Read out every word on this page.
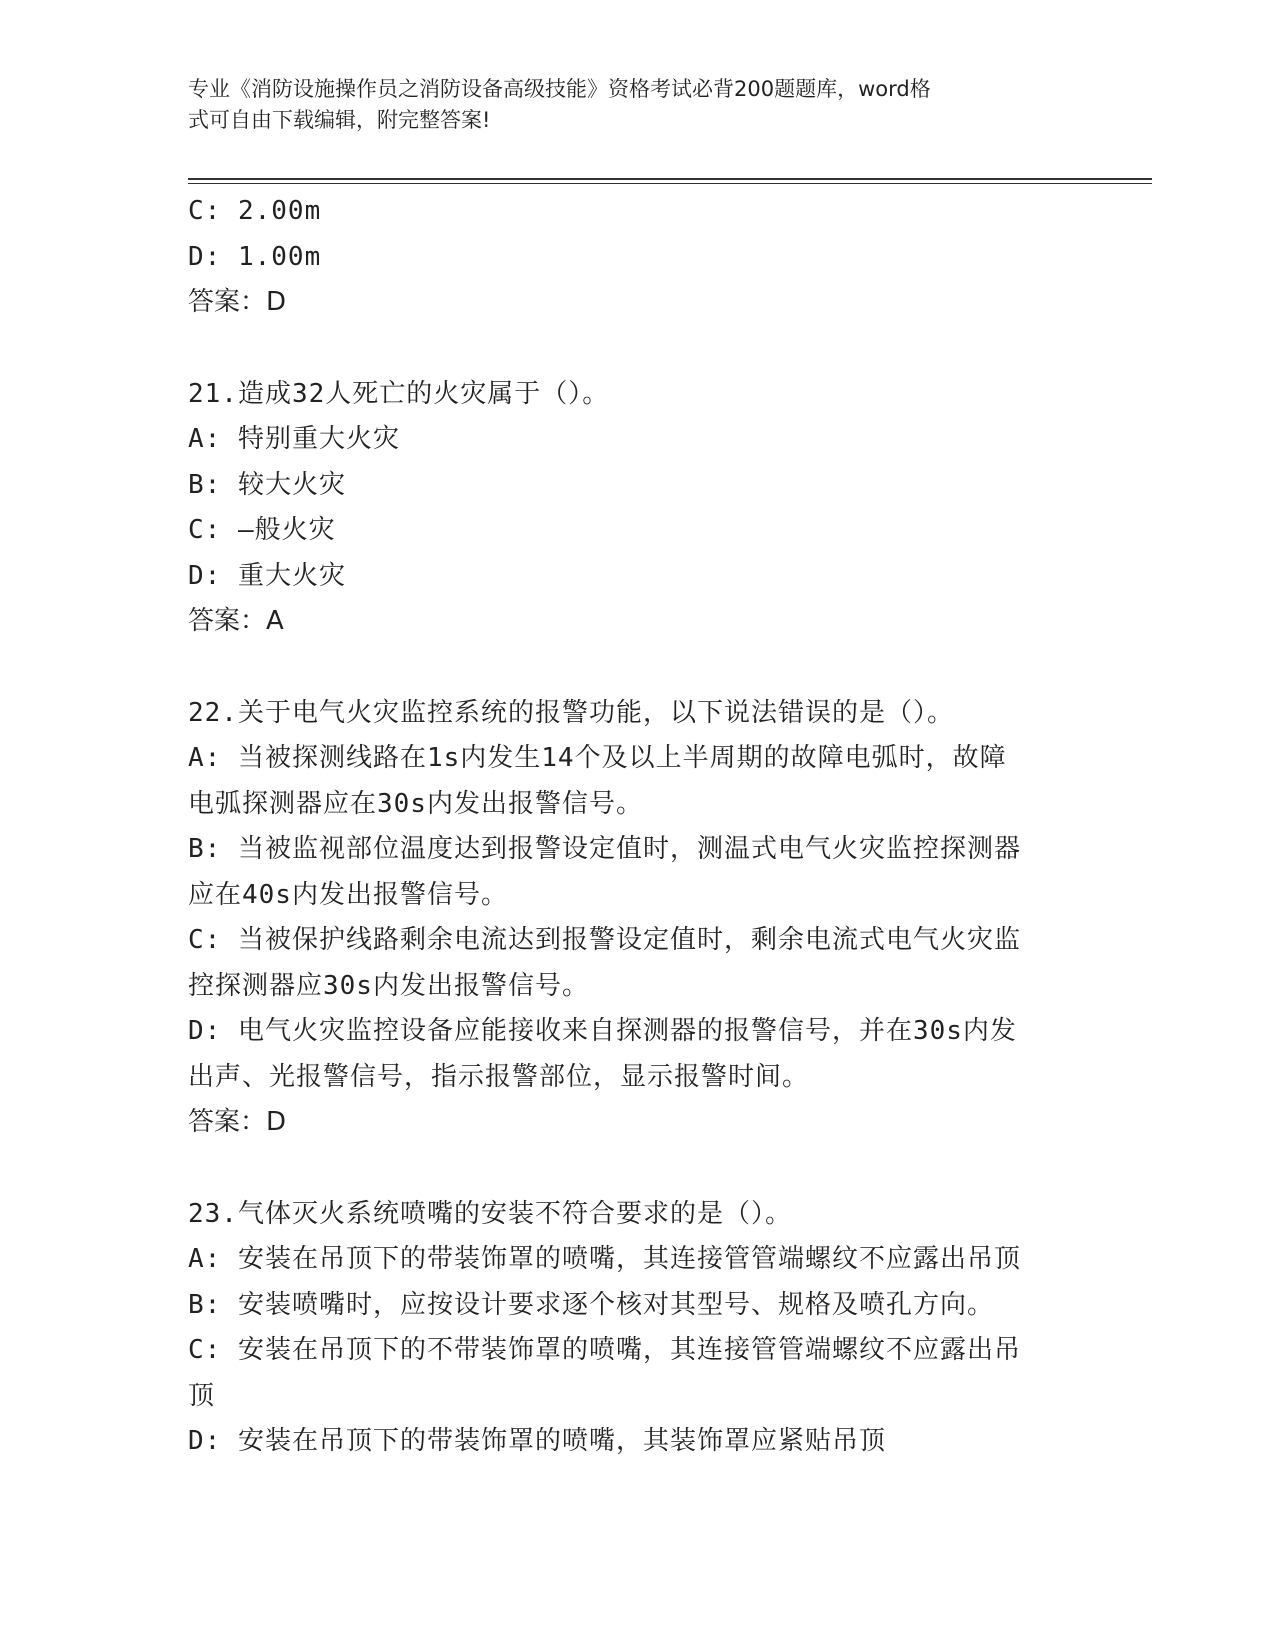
专业《消防设施操作员之消防设备高级技能》资格考试必背200题题库，word格
式可自由下载编辑，附完整答案!
C: 2.00m
D: 1.00m
答案：D
21.造成32人死亡的火灾属于（）。
A: 特别重大火灾
B: 较大火灾
C: —般火灾
D: 重大火灾
答案：A
22.关于电气火灾监控系统的报警功能，以下说法错误的是（）。
A: 当被探测线路在1s内发生14个及以上半周期的故障电弧时，故障
电弧探测器应在30s内发出报警信号。
B: 当被监视部位温度达到报警设定值时，测温式电气火灾监控探测器
应在40s内发出报警信号。
C: 当被保护线路剩余电流达到报警设定值时，剩余电流式电气火灾监
控探测器应30s内发出报警信号。
D: 电气火灾监控设备应能接收来自探测器的报警信号，并在30s内发
出声、光报警信号，指示报警部位，显示报警时间。
答案：D
23.气体灭火系统喷嘴的安装不符合要求的是（）。
A: 安装在吊顶下的带装饰罩的喷嘴，其连接管管端螺纹不应露出吊顶
B: 安装喷嘴时，应按设计要求逐个核对其型号、规格及喷孔方向。
C: 安装在吊顶下的不带装饰罩的喷嘴，其连接管管端螺纹不应露出吊
顶
D: 安装在吊顶下的带装饰罩的喷嘴，其装饰罩应紧贴吊顶
